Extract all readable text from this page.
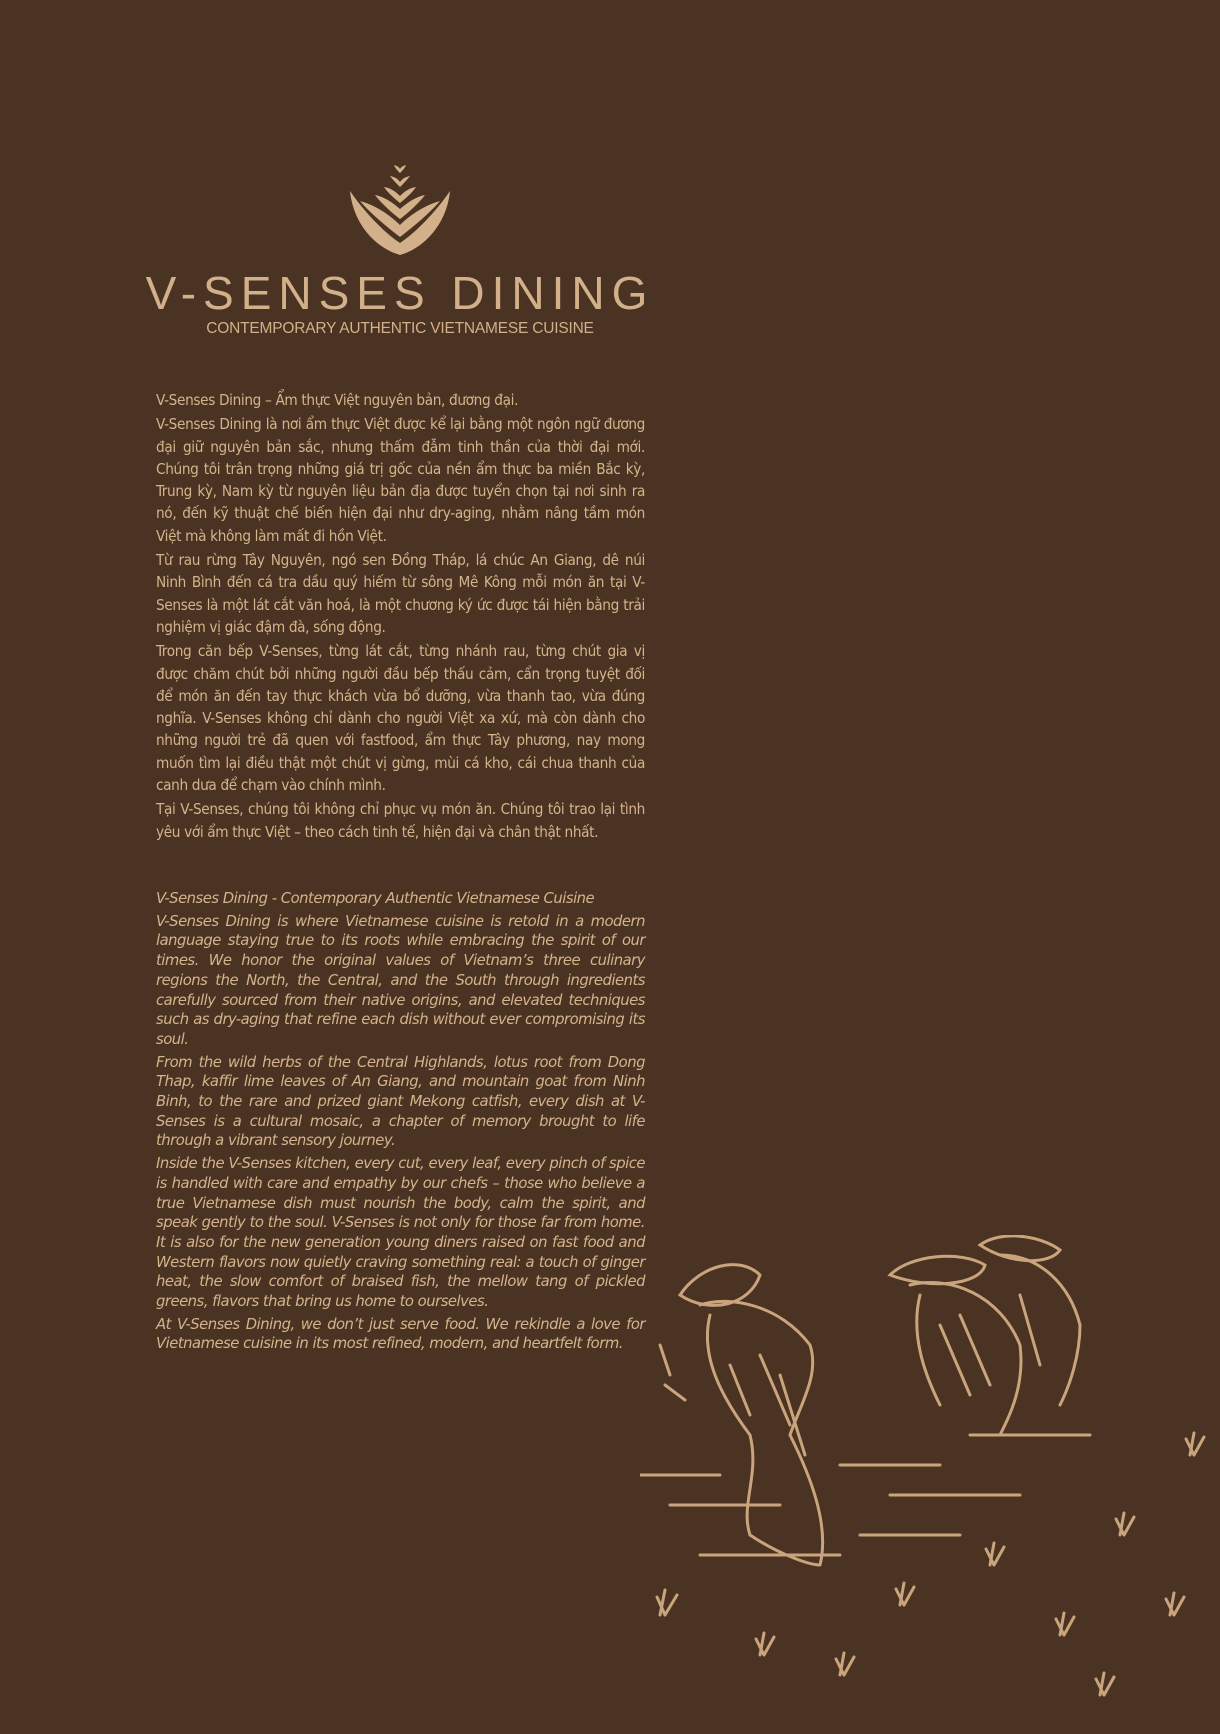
V-SENSES DINING
CONTEMPORARY AUTHENTIC VIETNAMESE CUISINE

V-Senses Dining – Ẩm thực Việt nguyên bản, đương đại.

V-Senses Dining là nơi ẩm thực Việt được kể lại bằng một ngôn ngữ đương đại giữ nguyên bản sắc, nhưng thấm đẫm tinh thần của thời đại mới. Chúng tôi trân trọng những giá trị gốc của nền ẩm thực ba miền Bắc kỳ, Trung kỳ, Nam kỳ từ nguyên liệu bản địa được tuyển chọn tại nơi sinh ra nó, đến kỹ thuật chế biến hiện đại như dry-aging, nhằm nâng tầm món Việt mà không làm mất đi hồn Việt.

Từ rau rừng Tây Nguyên, ngó sen Đồng Tháp, lá chúc An Giang, dê núi Ninh Bình đến cá tra dầu quý hiếm từ sông Mê Kông mỗi món ăn tại V-Senses là một lát cắt văn hoá, là một chương ký ức được tái hiện bằng trải nghiệm vị giác đậm đà, sống động.

Trong căn bếp V-Senses, từng lát cắt, từng nhánh rau, từng chút gia vị được chăm chút bởi những người đầu bếp thấu cảm, cẩn trọng tuyệt đối để món ăn đến tay thực khách vừa bổ dưỡng, vừa thanh tao, vừa đúng nghĩa. V-Senses không chỉ dành cho người Việt xa xứ, mà còn dành cho những người trẻ đã quen với fastfood, ẩm thực Tây phương, nay mong muốn tìm lại điều thật một chút vị gừng, mùi cá kho, cái chua thanh của canh dưa để chạm vào chính mình.

Tại V-Senses, chúng tôi không chỉ phục vụ món ăn. Chúng tôi trao lại tình yêu với ẩm thực Việt – theo cách tinh tế, hiện đại và chân thật nhất.

V-Senses Dining - Contemporary Authentic Vietnamese Cuisine

V-Senses Dining is where Vietnamese cuisine is retold in a modern language staying true to its roots while embracing the spirit of our times. We honor the original values of Vietnam’s three culinary regions the North, the Central, and the South through ingredients carefully sourced from their native origins, and elevated techniques such as dry-aging that refine each dish without ever compromising its soul.

From the wild herbs of the Central Highlands, lotus root from Dong Thap, kaffir lime leaves of An Giang, and mountain goat from Ninh Binh, to the rare and prized giant Mekong catfish, every dish at V-Senses is a cultural mosaic, a chapter of memory brought to life through a vibrant sensory journey.

Inside the V-Senses kitchen, every cut, every leaf, every pinch of spice is handled with care and empathy by our chefs – those who believe a true Vietnamese dish must nourish the body, calm the spirit, and speak gently to the soul. V-Senses is not only for those far from home. It is also for the new generation young diners raised on fast food and Western flavors now quietly craving something real: a touch of ginger heat, the slow comfort of braised fish, the mellow tang of pickled greens, flavors that bring us home to ourselves.

At V-Senses Dining, we don’t just serve food. We rekindle a love for Vietnamese cuisine in its most refined, modern, and heartfelt form.
